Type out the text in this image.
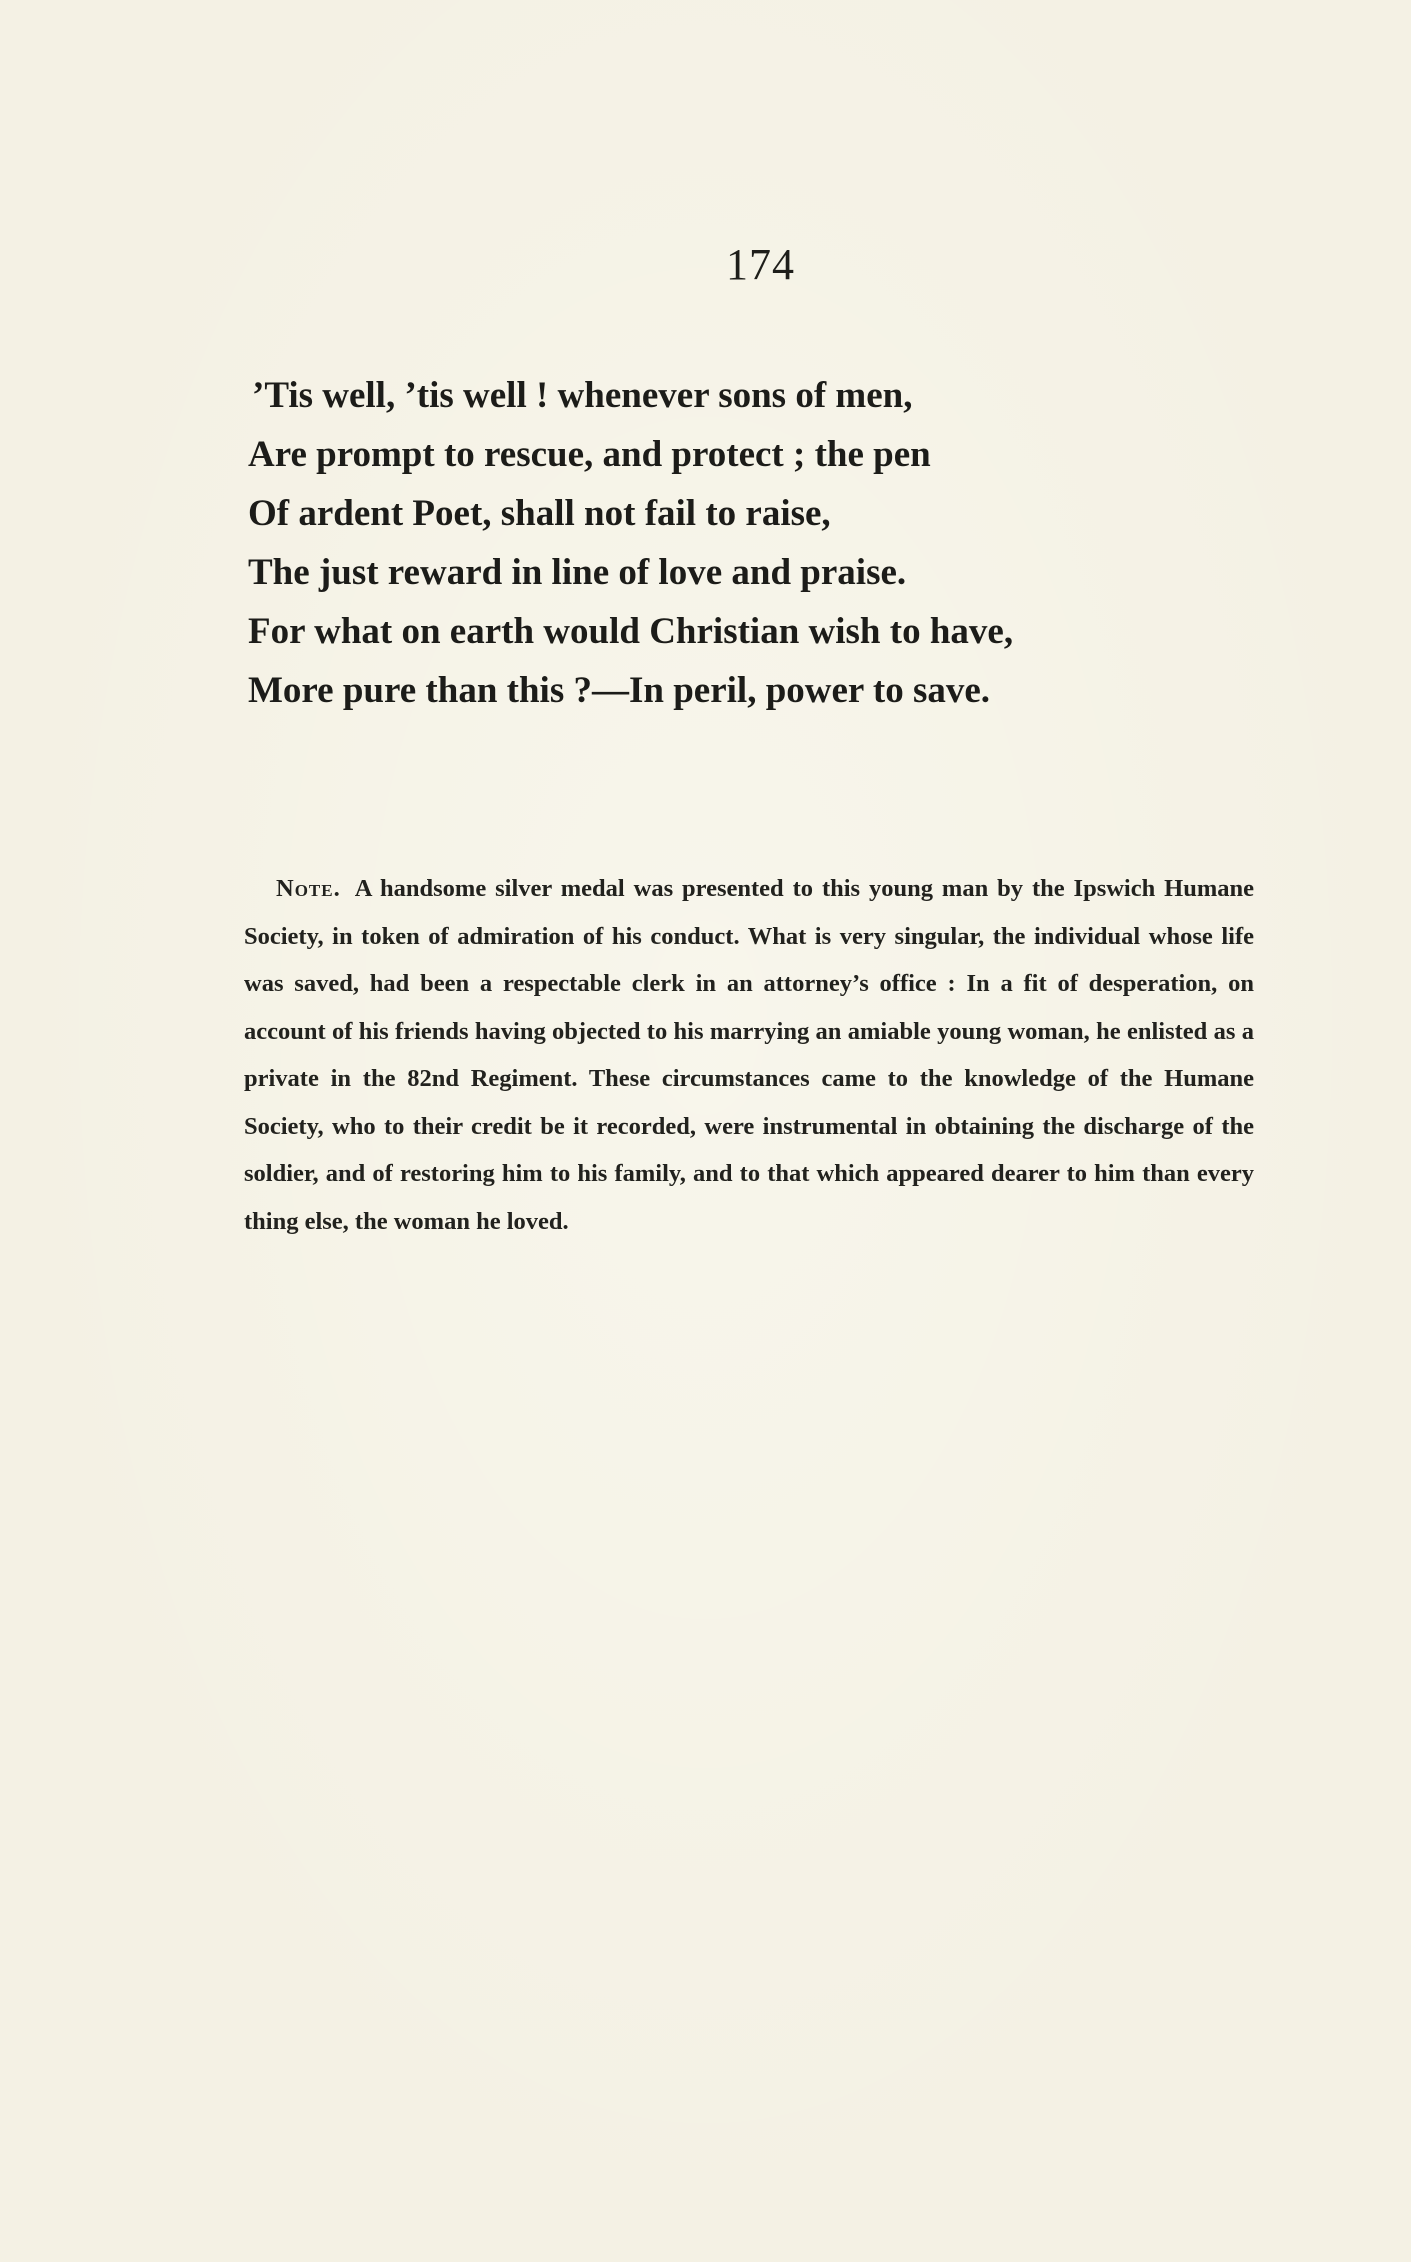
174
’Tis well, ’tis well ! whenever sons of men,
Are prompt to rescue, and protect ; the pen
Of ardent Poet, shall not fail to raise,
The just reward in line of love and praise.
For what on earth would Christian wish to have,
More pure than this ?—In peril, power to save.
Note. A handsome silver medal was presented to this young man by the Ipswich Humane Society, in token of admiration of his conduct. What is very singular, the individual whose life was saved, had been a respectable clerk in an attorney’s office : In a fit of desperation, on account of his friends having objected to his marrying an amiable young woman, he enlisted as a private in the 82nd Regiment. These circumstances came to the knowledge of the Humane Society, who to their credit be it recorded, were instrumental in obtaining the discharge of the soldier, and of restoring him to his family, and to that which appeared dearer to him than every thing else, the woman he loved.
